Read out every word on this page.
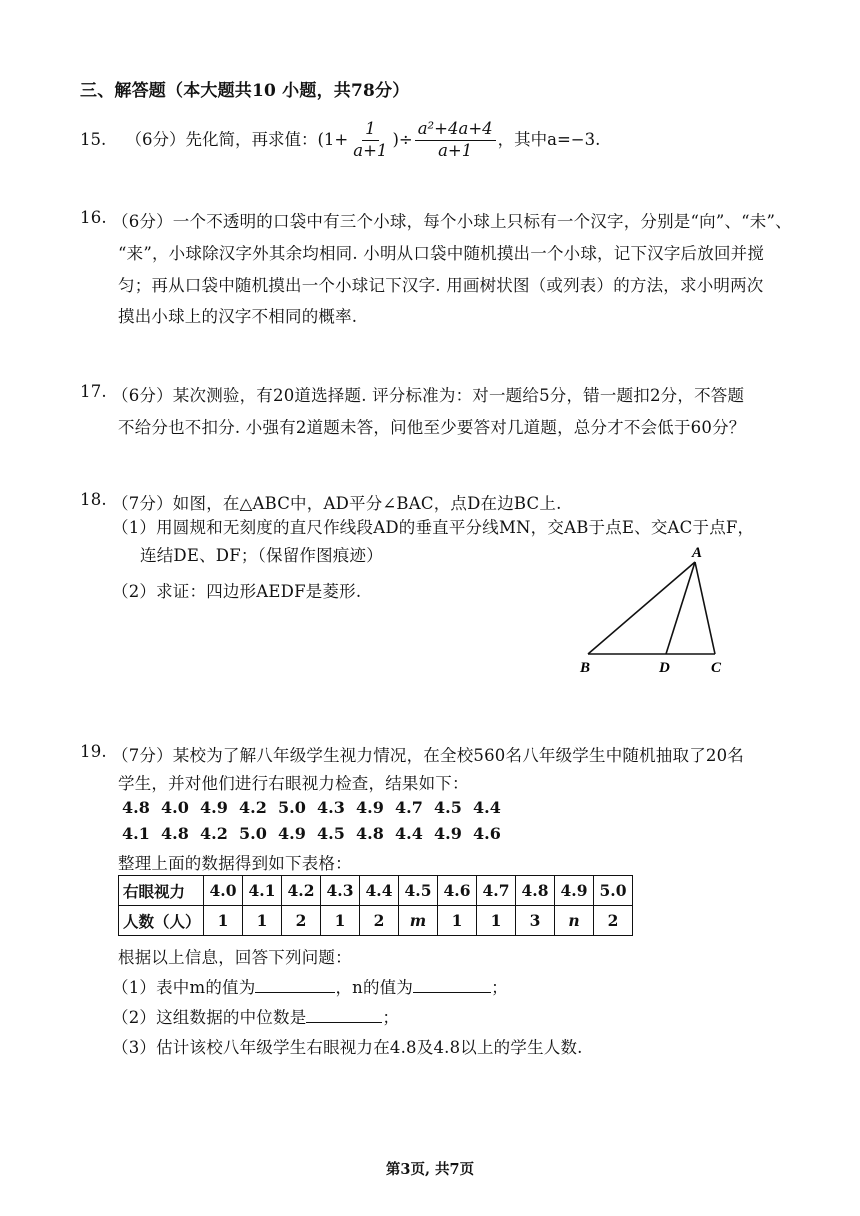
三、解答题（本大题共10 小题，共78分）
15. （6分）先化简，再求值：($1+ \frac{1}{a+1}$ )÷ $\frac{\text{a²+4a+4}}{a+1}$ ，其中a=−3.
16. （6分）一个不透明的口袋中有三个小球，每个小球上只标有一个汉字，分别是“向”、“未”、
“来”，小球除汉字外其余均相同. 小明从口袋中随机摸出一个小球，记下汉字后放回并搅
匀；再从口袋中随机摸出一个小球记下汉字. 用画树状图（或列表）的方法，求小明两次
摸出小球上的汉字不相同的概率.
17. （6分）某次测验，有20道选择题. 评分标准为：对一题给5分，错一题扣2分，不答题
不给分也不扣分. 小强有2道题未答，问他至少要答对几道题，总分才不会低于60分？
18. （7分）如图，在△ABC中，AD平分∠BAC，点D在边BC上.
（1）用圆规和无刻度的直尺作线段AD的垂直平分线MN，交AB于点E、交AC于点F，
连结DE、DF；（保留作图痕迹）
（2）求证：四边形AEDF是菱形.
A
B	D	C
19. （7分）某校为了解八年级学生视力情况，在全校560名八年级学生中随机抽取了20名
学生，并对他们进行右眼视力检查，结果如下：
4.8 4.0 4.9 4.2 5.0 4.3 4.9 4.7 4.5 4.4
4.1 4.8 4.2 5.0 4.9 4.5 4.8 4.4 4.9 4.6
整理上面的数据得到如下表格：
右眼视力	4.0	4.1	4.2	4.3	4.4	4.5	4.6	4.7	4.8	4.9	5.0
人数（人）	1	1	2	1	2	m	1	1	3	n	2
根据以上信息，回答下列问题：
（1）表中m的值为	，n的值为	；
（2）这组数据的中位数是	；
（3）估计该校八年级学生右眼视力在4.8及4.8以上的学生人数.
第3页, 共7页
